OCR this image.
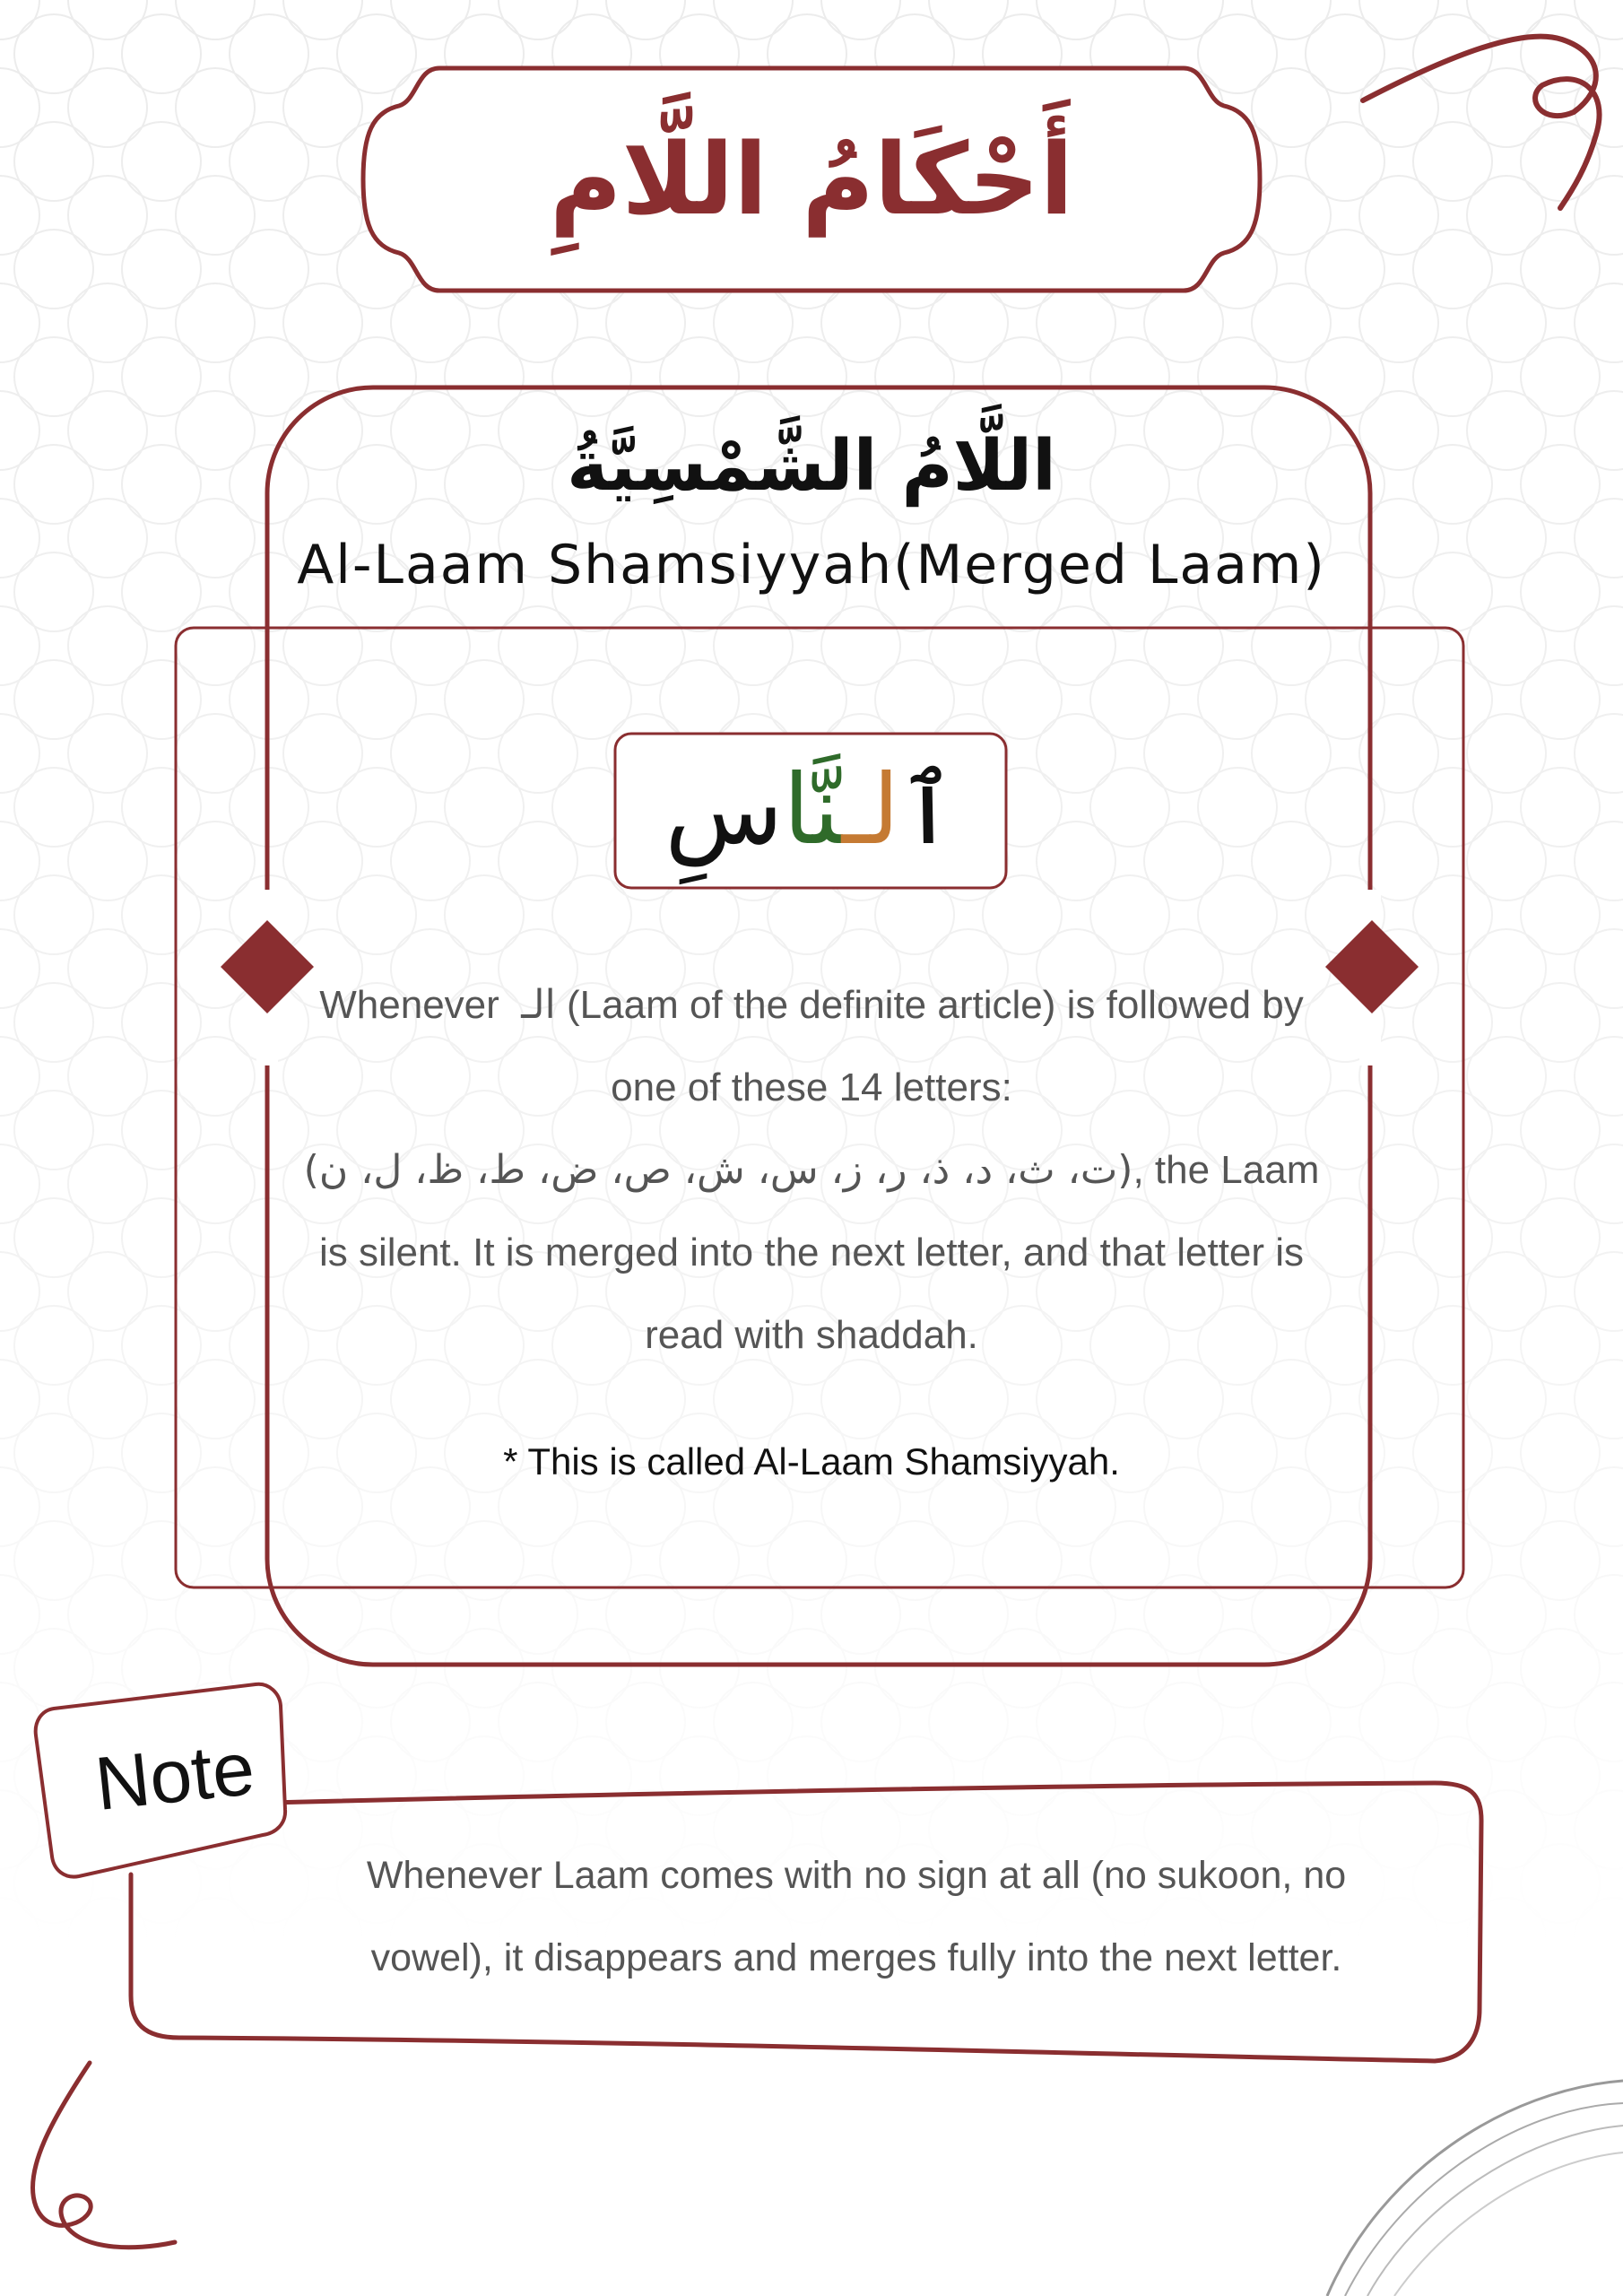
أَحْكَامُ اللَّامِ

اللَّامُ الشَّمْسِيَّةُ

Al-Laam Shamsiyyah(Merged Laam)

ٱلـنَّاسِ

Whenever الـ (Laam of the definite article) is followed by one of these 14 letters:
(ت، ث، د، ذ، ر، ز، س، ش، ص، ض، ط، ظ، ل، ن), the Laam is silent. It is merged into the next letter, and that letter is read with shaddah.

* This is called Al-Laam Shamsiyyah.

Note

Whenever Laam comes with no sign at all (no sukoon, no vowel), it disappears and merges fully into the next letter.
